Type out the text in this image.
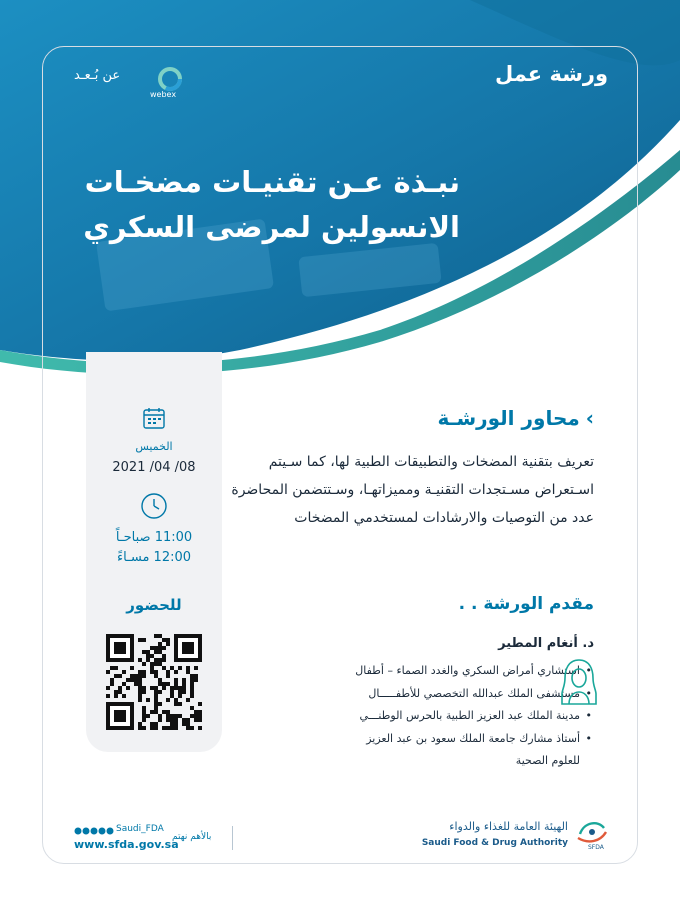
ورشة عمل
webex
عن بُـعـد
نبـذة عـن تقنيـات مضخـات
الانسولين لمرضى السكري
الخميس
2021 /04 /08
11:00 صباحـاً
12:00 مسـاءً
للحضور
›محاور الورشـة
تعريف بتقنية المضخات والتطبيقات الطبية لها، كما سـيتم اسـتعراض مسـتجدات التقنيـة ومميزاتهـا، وسـتتضمن المحاضرة عدد من التوصيات والارشادات لمستخدمي المضخات
مقدم الورشة . .
د. أنغام المطير
• استشاري أمراض السكري والغدد الصماء – أطفال
• مستشفى الملك عبدالله التخصصي للأطفـــــال
• مدينة الملك عبد العزيز الطبية بالحرس الوطنـــي
• أستاذ مشارك جامعة الملك سعود بن عبد العزيز
للعلوم الصحية
Saudi_FDA
www.sfda.gov.sa
بالأهم نهتم
الهيئة العامة للغذاء والدواء
Saudi Food & Drug Authority	SFDA
